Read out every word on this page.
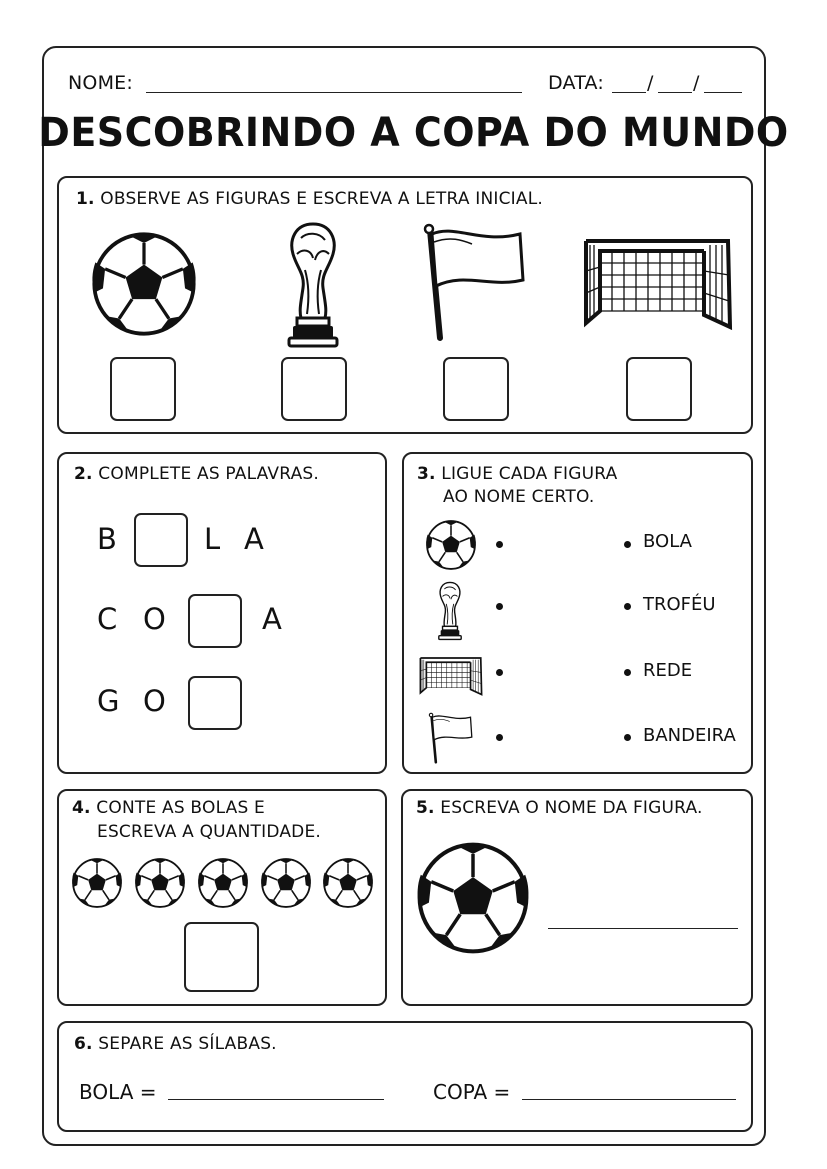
NOME:	DATA: / /
DESCOBRINDO A COPA DO MUNDO
1. OBSERVE AS FIGURAS E ESCREVA A LETRA INICIAL.
2. COMPLETE AS PALAVRAS.
B	L A
C O	A
G O
3. LIGUE CADA FIGURA
AO NOME CERTO.
BOLA
TROFÉU
REDE
BANDEIRA
4. CONTE AS BOLAS E
ESCREVA A QUANTIDADE.
5. ESCREVA O NOME DA FIGURA.
6. SEPARE AS SÍLABAS.
BOLA =	COPA =
